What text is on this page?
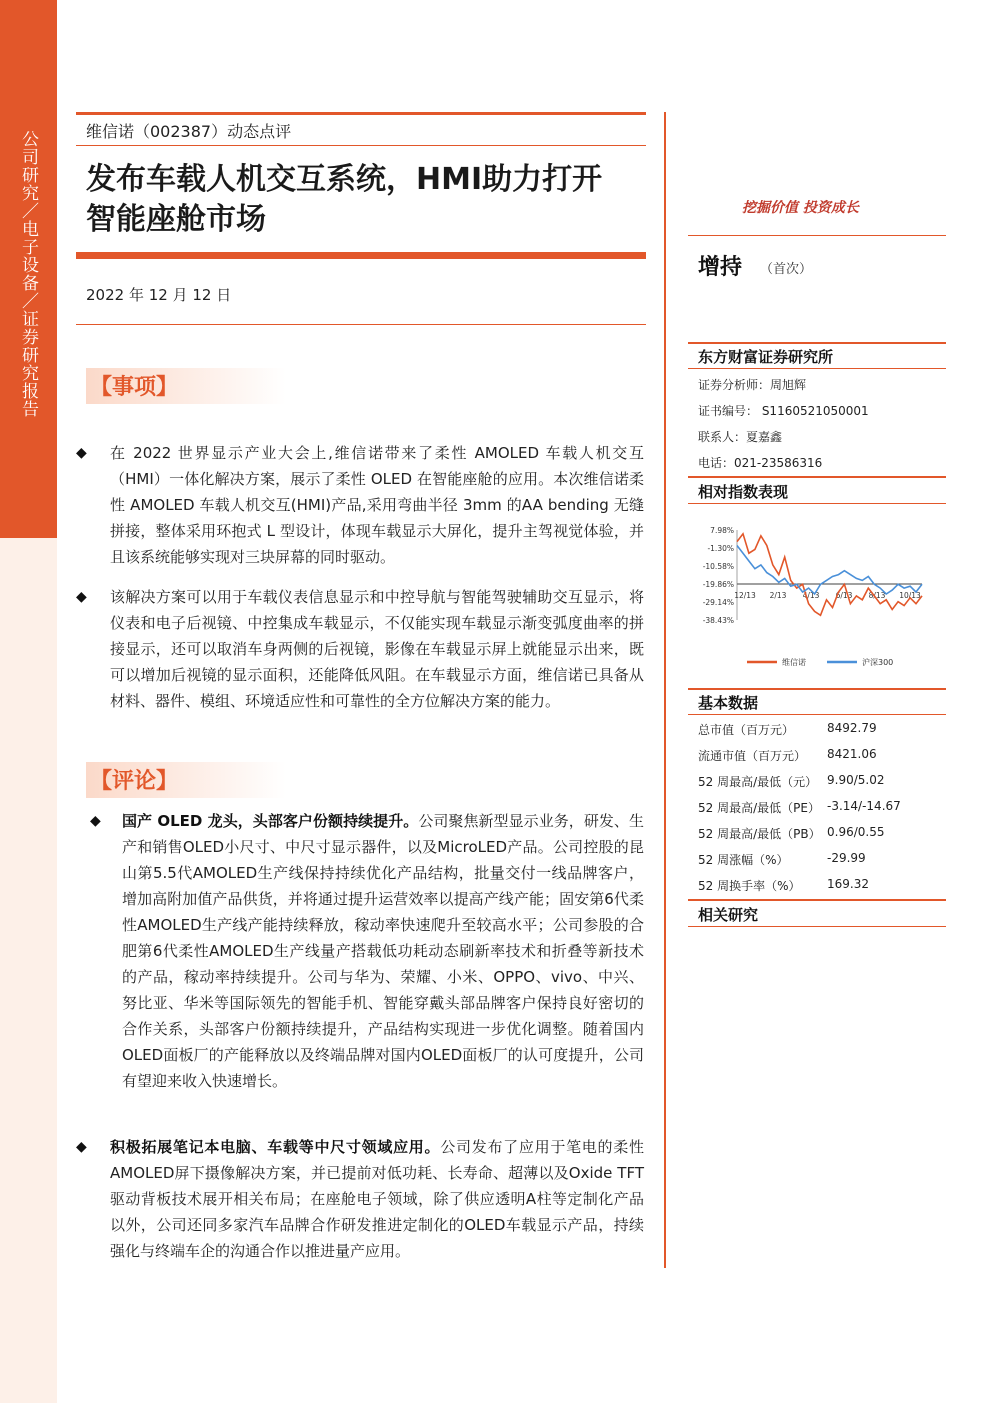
公司研究／电子设备／证券研究报告	维信诺（002387）动态点评
发布车载人机交互系统，HMI助力打开
智能座舱市场
2022 年 12 月 12 日
【事项】
◆ 在 2022 世界显示产业大会上,维信诺带来了柔性 AMOLED 车载人机交互（HMI）一体化解决方案，展示了柔性 OLED 在智能座舱的应用。本次维信诺柔性 AMOLED 车载人机交互(HMI)产品,采用弯曲半径 3mm 的AA bending 无缝拼接，整体采用环抱式 L 型设计，体现车载显示大屏化，提升主驾视觉体验，并且该系统能够实现对三块屏幕的同时驱动。
◆ 该解决方案可以用于车载仪表信息显示和中控导航与智能驾驶辅助交互显示，将仪表和电子后视镜、中控集成车载显示，不仅能实现车载显示渐变弧度曲率的拼接显示，还可以取消车身两侧的后视镜，影像在车载显示屏上就能显示出来，既可以增加后视镜的显示面积，还能降低风阻。在车载显示方面，维信诺已具备从材料、器件、模组、环境适应性和可靠性的全方位解决方案的能力。
【评论】
◆ 国产 OLED 龙头，头部客户份额持续提升。公司聚焦新型显示业务，研发、生产和销售OLED小尺寸、中尺寸显示器件，以及MicroLED产品。公司控股的昆山第5.5代AMOLED生产线保持持续优化产品结构，批量交付一线品牌客户，增加高附加值产品供货，并将通过提升运营效率以提高产线产能；固安第6代柔性AMOLED生产线产能持续释放，稼动率快速爬升至较高水平；公司参股的合肥第6代柔性AMOLED生产线量产搭载低功耗动态刷新率技术和折叠等新技术的产品，稼动率持续提升。公司与华为、荣耀、小米、OPPO、vivo、中兴、努比亚、华米等国际领先的智能手机、智能穿戴头部品牌客户保持良好密切的合作关系，头部客户份额持续提升，产品结构实现进一步优化调整。随着国内OLED面板厂的产能释放以及终端品牌对国内OLED面板厂的认可度提升，公司有望迎来收入快速增长。
◆ 积极拓展笔记本电脑、车载等中尺寸领域应用。公司发布了应用于笔电的柔性AMOLED屏下摄像解决方案，并已提前对低功耗、长寿命、超薄以及Oxide TFT驱动背板技术展开相关布局；在座舱电子领域，除了供应透明A柱等定制化产品以外，公司还同多家汽车品牌合作研发推进定制化的OLED车载显示产品，持续强化与终端车企的沟通合作以推进量产应用。
挖掘价值 投资成长
增持 （首次）
东方财富证券研究所
证券分析师：周旭辉
证书编号： S1160521050001
联系人：夏嘉鑫
电话：021-23586316
相对指数表现
7.98%
-1.30%
-10.58%
-19.86%
-29.14%
-38.43%
12/13 2/13 4/13 6/13 8/13 10/13
维信诺	沪深300
基本数据
总市值（百万元）	8492.79
流通市值（百万元） 8421.06
52 周最高/最低（元） 9.90/5.02
52 周最高/最低（PE） -3.14/-14.67
52 周最高/最低（PB） 0.96/0.55
52 周涨幅（%）	-29.99
52 周换手率（%） 169.32
相关研究
